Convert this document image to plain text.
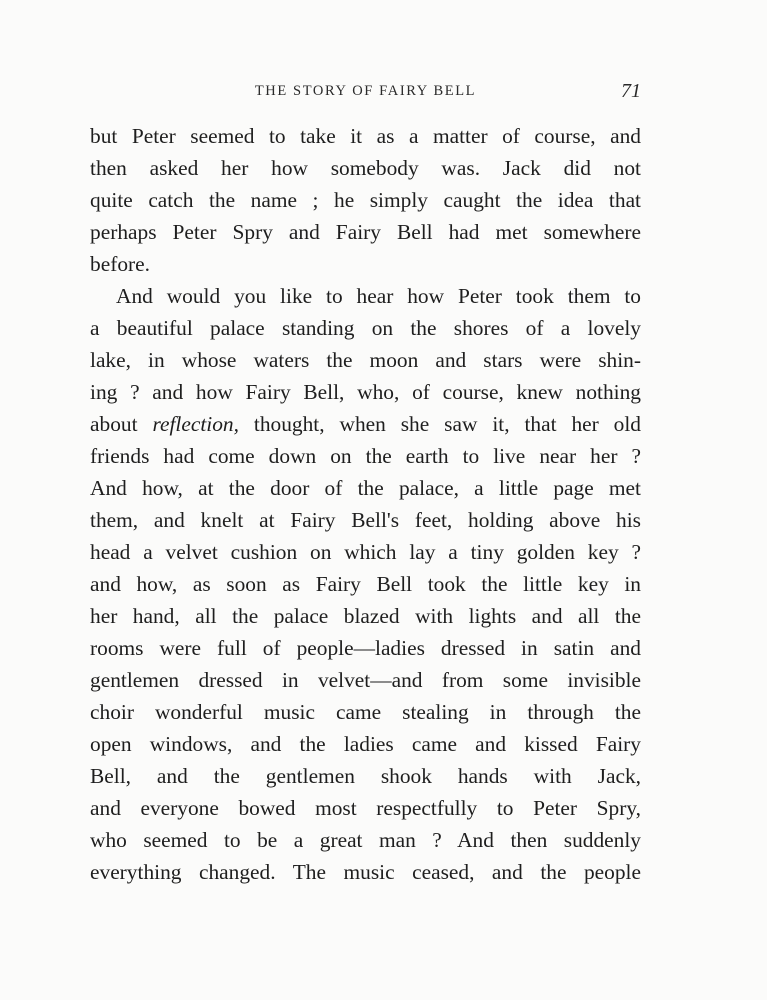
THE STORY OF FAIRY BELL	71
but Peter seemed to take it as a matter of course, and
then asked her how somebody was. Jack did not
quite catch the name ; he simply caught the idea that
perhaps Peter Spry and Fairy Bell had met somewhere
before.
And would you like to hear how Peter took them to
a beautiful palace standing on the shores of a lovely
lake, in whose waters the moon and stars were shin-
ing ? and how Fairy Bell, who, of course, knew nothing
about reflection, thought, when she saw it, that her old
friends had come down on the earth to live near her ?
And how, at the door of the palace, a little page met
them, and knelt at Fairy Bell's feet, holding above his
head a velvet cushion on which lay a tiny golden key ?
and how, as soon as Fairy Bell took the little key in
her hand, all the palace blazed with lights and all the
rooms were full of people—ladies dressed in satin and
gentlemen dressed in velvet—and from some invisible
choir wonderful music came stealing in through the
open windows, and the ladies came and kissed Fairy
Bell, and the gentlemen shook hands with Jack,
and everyone bowed most respectfully to Peter Spry,
who seemed to be a great man ? And then suddenly
everything changed. The music ceased, and the people
